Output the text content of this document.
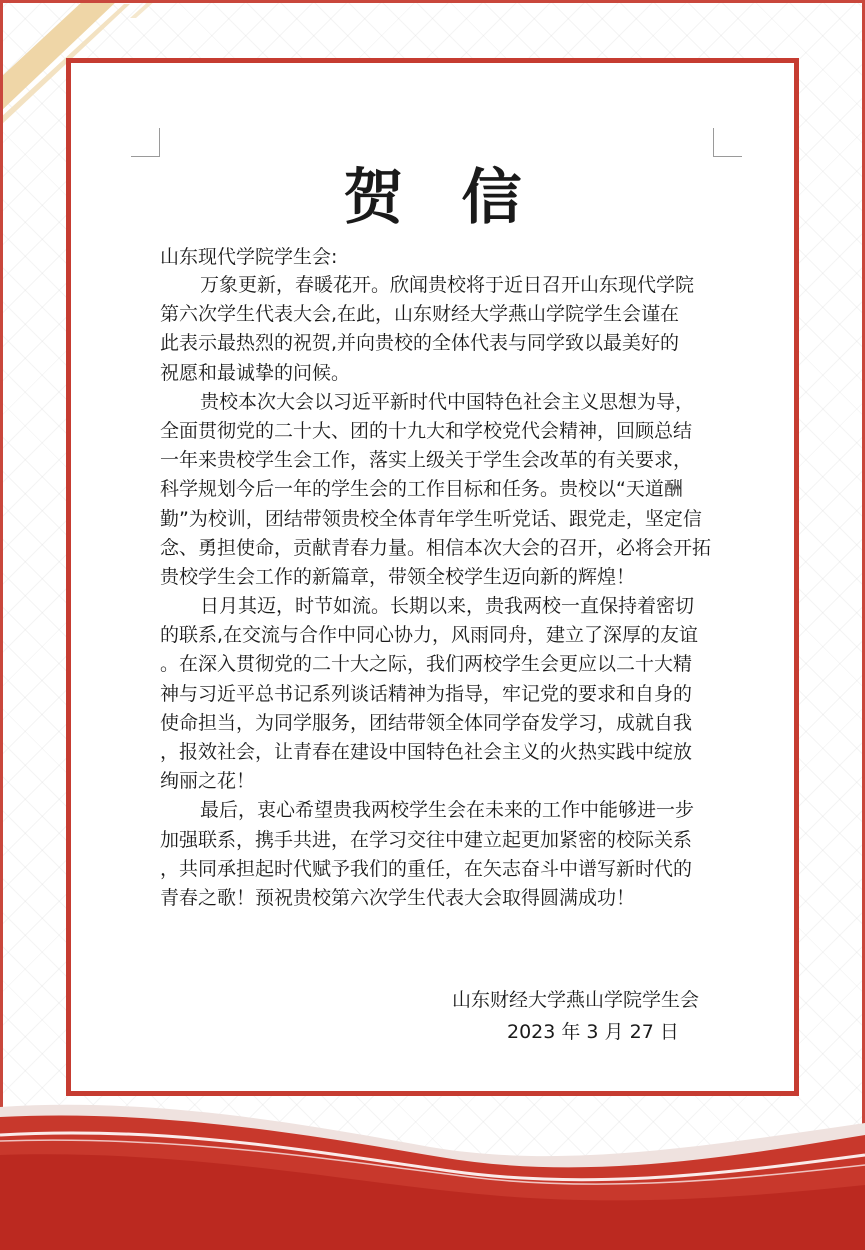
贺信
山东现代学院学生会:
万象更新，春暖花开。欣闻贵校将于近日召开山东现代学院
第六次学生代表大会,在此，山东财经大学燕山学院学生会谨在
此表示最热烈的祝贺,并向贵校的全体代表与同学致以最美好的
祝愿和最诚挚的问候。
贵校本次大会以习近平新时代中国特色社会主义思想为导，
全面贯彻党的二十大、团的十九大和学校党代会精神，回顾总结
一年来贵校学生会工作，落实上级关于学生会改革的有关要求，
科学规划今后一年的学生会的工作目标和任务。贵校以“天道酬
勤”为校训，团结带领贵校全体青年学生听党话、跟党走，坚定信
念、勇担使命，贡献青春力量。相信本次大会的召开，必将会开拓
贵校学生会工作的新篇章，带领全校学生迈向新的辉煌！
日月其迈，时节如流。长期以来，贵我两校一直保持着密切
的联系,在交流与合作中同心协力，风雨同舟，建立了深厚的友谊
。在深入贯彻党的二十大之际，我们两校学生会更应以二十大精
神与习近平总书记系列谈话精神为指导，牢记党的要求和自身的
使命担当，为同学服务，团结带领全体同学奋发学习，成就自我
，报效社会，让青春在建设中国特色社会主义的火热实践中绽放
绚丽之花！
最后，衷心希望贵我两校学生会在未来的工作中能够进一步
加强联系，携手共进，在学习交往中建立起更加紧密的校际关系
，共同承担起时代赋予我们的重任，在矢志奋斗中谱写新时代的
青春之歌！预祝贵校第六次学生代表大会取得圆满成功！
山东财经大学燕山学院学生会
2023 年 3 月 27 日
